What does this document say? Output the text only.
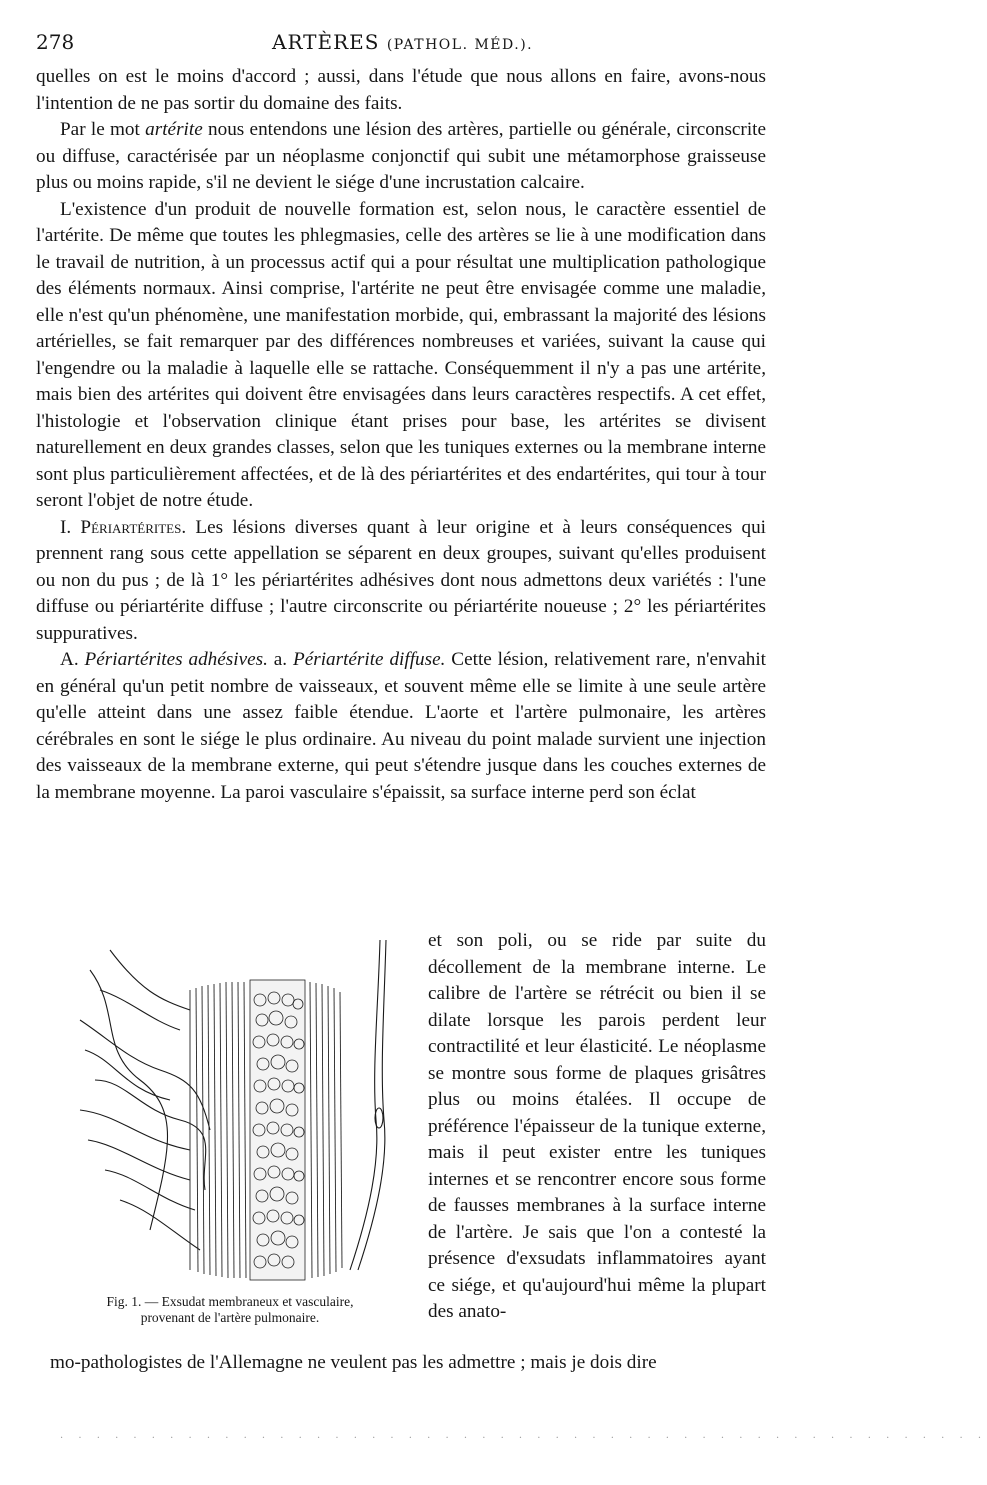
278	ARTÈRES (PATHOL. MÉD.).

quelles on est le moins d'accord ; aussi, dans l'étude que nous allons en faire, avons-nous l'intention de ne pas sortir du domaine des faits.

Par le mot artérite nous entendons une lésion des artères, partielle ou générale, circonscrite ou diffuse, caractérisée par un néoplasme conjonctif qui subit une métamorphose graisseuse plus ou moins rapide, s'il ne devient le siége d'une incrustation calcaire.

L'existence d'un produit de nouvelle formation est, selon nous, le caractère essentiel de l'artérite. De même que toutes les phlegmasies, celle des artères se lie à une modification dans le travail de nutrition, à un processus actif qui a pour résultat une multiplication pathologique des éléments normaux. Ainsi comprise, l'artérite ne peut être envisagée comme une maladie, elle n'est qu'un phénomène, une manifestation morbide, qui, embrassant la majorité des lésions artérielles, se fait remarquer par des différences nombreuses et variées, suivant la cause qui l'engendre ou la maladie à laquelle elle se rattache. Conséquemment il n'y a pas une artérite, mais bien des artérites qui doivent être envisagées dans leurs caractères respectifs. A cet effet, l'histologie et l'observation clinique étant prises pour base, les artérites se divisent naturellement en deux grandes classes, selon que les tuniques externes ou la membrane interne sont plus particulièrement affectées, et de là des périartérites et des endartérites, qui tour à tour seront l'objet de notre étude.

I. Périartérites. Les lésions diverses quant à leur origine et à leurs conséquences qui prennent rang sous cette appellation se séparent en deux groupes, suivant qu'elles produisent ou non du pus ; de là 1° les périartérites adhésives dont nous admettons deux variétés : l'une diffuse ou périartérite diffuse ; l'autre circonscrite ou périartérite noueuse ; 2° les périartérites suppuratives.

A. Périartérites adhésives. a. Périartérite diffuse. Cette lésion, relativement rare, n'envahit en général qu'un petit nombre de vaisseaux, et souvent même elle se limite à une seule artère qu'elle atteint dans une assez faible étendue. L'aorte et l'artère pulmonaire, les artères cérébrales en sont le siége le plus ordinaire. Au niveau du point malade survient une injection des vaisseaux de la membrane externe, qui peut s'étendre jusque dans les couches externes de la membrane moyenne. La paroi vasculaire s'épaissit, sa surface interne perd son éclat

Fig. 1. — Exsudat membraneux et vasculaire,
provenant de l'artère pulmonaire.

et son poli, ou se ride par suite du décollement de la membrane interne. Le calibre de l'artère se rétrécit ou bien il se dilate lorsque les parois perdent leur contractilité et leur élasticité. Le néoplasme se montre sous forme de plaques grisâtres plus ou moins étalées. Il occupe de préférence l'épaisseur de la tunique externe, mais il peut exister entre les tuniques internes et se rencontrer encore sous forme de fausses membranes à la surface interne de l'artère. Je sais que l'on a contesté la présence d'exsudats inflammatoires ayant ce siége, et qu'aujourd'hui même la plupart des anato-

mo-pathologistes de l'Allemagne ne veulent pas les admettre ; mais je dois dire
. . . . . . . . . . . . . . . . . . . . . . . . . . . . . . . . . . . . . . . . . . . . . . . . . . .
